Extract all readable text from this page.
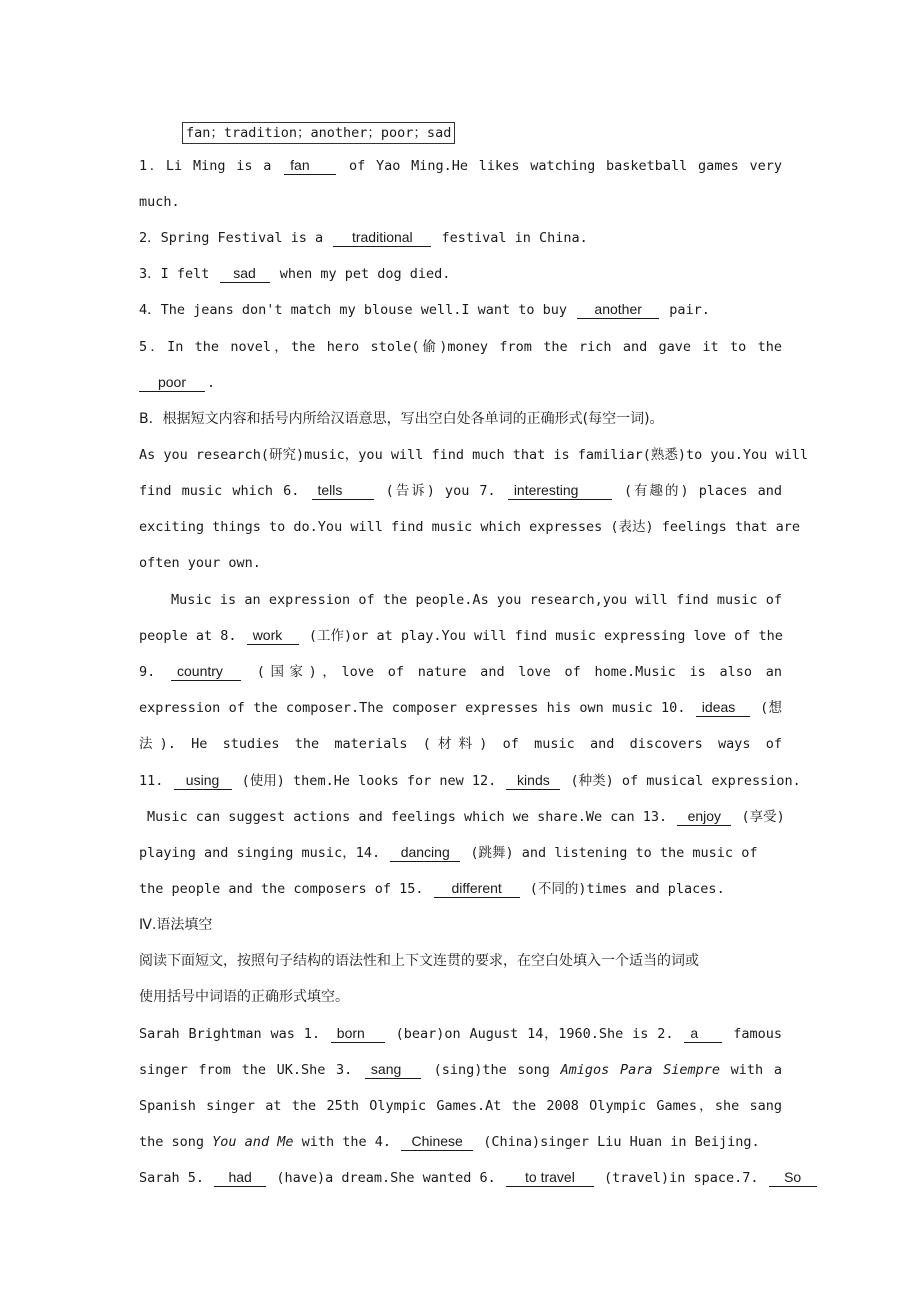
fan；tradition；another；poor；sad
1．Li Ming is a fan	of Yao Ming.He likes watching basketball games very
much.
2．Spring Festival is a traditional festival in China.
3．I felt sad when my pet dog died.
4．The jeans don't match my blouse well.I want to buy another pair.
5．In the novel，the hero stole(偷)money from the rich and gave it to the
poor .
B．根据短文内容和括号内所给汉语意思，写出空白处各单词的正确形式(每空一词)。
As you research(研究)music，you will find much that is familiar(熟悉)to you.You will
find music which 6. tells	(告诉) you 7. interesting	(有趣的) places and
exciting things to do.You will find music which expresses (表达) feelings that are
often your own.
Music is an expression of the people.As you research,you will find music of
people at 8. work (工作)or at play.You will find music expressing love of the
9. country	(国家)，love of nature and love of home.Music is also an
expression of the composer.The composer expresses his own music 10. ideas (想
法). He studies the materials (材料) of music and discovers ways of
11. using (使用) them.He looks for new 12. kinds (种类) of musical expression.
Music can suggest actions and feelings which we share.We can 13. enjoy (享受)
playing and singing music，14. dancing (跳舞) and listening to the music of
the people and the composers of 15. different (不同的)times and places.
Ⅳ.语法填空
阅读下面短文，按照句子结构的语法性和上下文连贯的要求，在空白处填入一个适当的词或
使用括号中词语的正确形式填空。
Sarah Brightman was 1. born (bear)on August 14，1960.She is 2. a	famous
singer from the UK.She 3. sang (sing)the song Amigos Para Siempre with a
Spanish singer at the 25th Olympic Games.At the 2008 Olympic Games，she sang
the song You and Me with the 4. Chinese (China)singer Liu Huan in Beijing.
Sarah 5. had (have)a dream.She wanted 6. to travel (travel)in space.7. So
